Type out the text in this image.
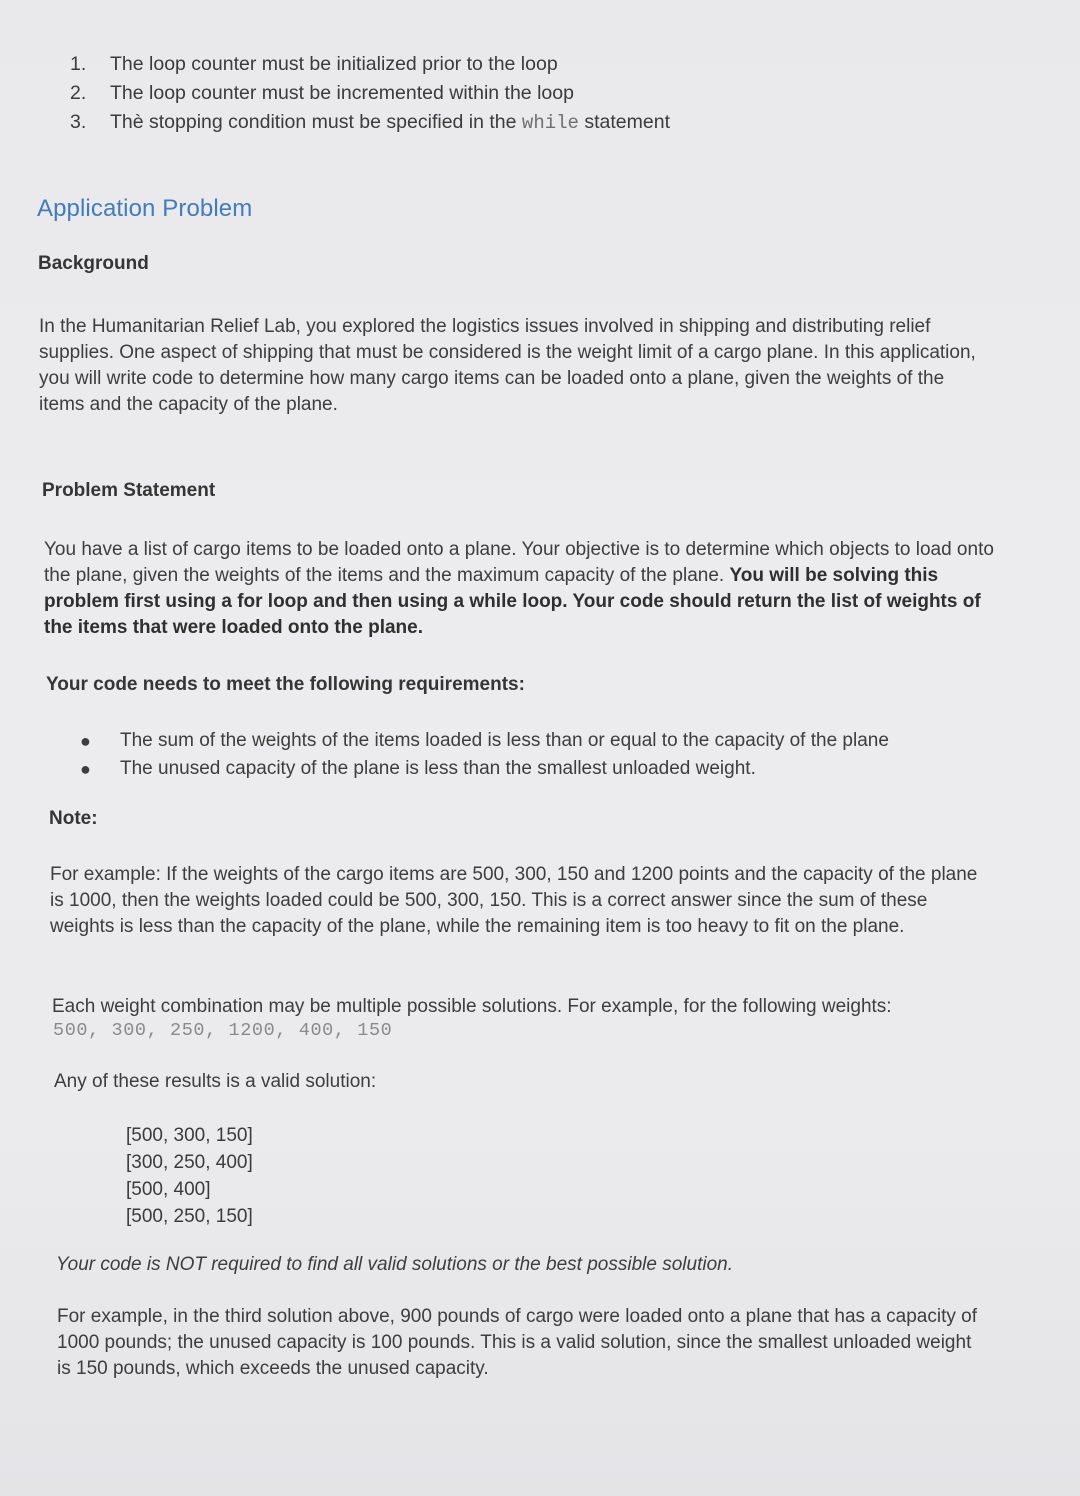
1.	The loop counter must be initialized prior to the loop
2.	The loop counter must be incremented within the loop
3.	Thè stopping condition must be specified in the while statement
Application Problem
Background

In the Humanitarian Relief Lab, you explored the logistics issues involved in shipping and distributing relief supplies. One aspect of shipping that must be considered is the weight limit of a cargo plane. In this application, you will write code to determine how many cargo items can be loaded onto a plane, given the weights of the items and the capacity of the plane.

Problem Statement

You have a list of cargo items to be loaded onto a plane. Your objective is to determine which objects to load onto the plane, given the weights of the items and the maximum capacity of the plane. You will be solving this problem first using a for loop and then using a while loop. Your code should return the list of weights of the items that were loaded onto the plane.

Your code needs to meet the following requirements:
●	The sum of the weights of the items loaded is less than or equal to the capacity of the plane
●	The unused capacity of the plane is less than the smallest unloaded weight.
Note:

For example: If the weights of the cargo items are 500, 300, 150 and 1200 points and the capacity of the plane is 1000, then the weights loaded could be 500, 300, 150. This is a correct answer since the sum of these weights is less than the capacity of the plane, while the remaining item is too heavy to fit on the plane.

Each weight combination may be multiple possible solutions. For example, for the following weights:

500, 300, 250, 1200, 400, 150

Any of these results is a valid solution:

[500, 300, 150]
[300, 250, 400]
[500, 400]
[500, 250, 150]

Your code is NOT required to find all valid solutions or the best possible solution.

For example, in the third solution above, 900 pounds of cargo were loaded onto a plane that has a capacity of 1000 pounds; the unused capacity is 100 pounds. This is a valid solution, since the smallest unloaded weight is 150 pounds, which exceeds the unused capacity.
